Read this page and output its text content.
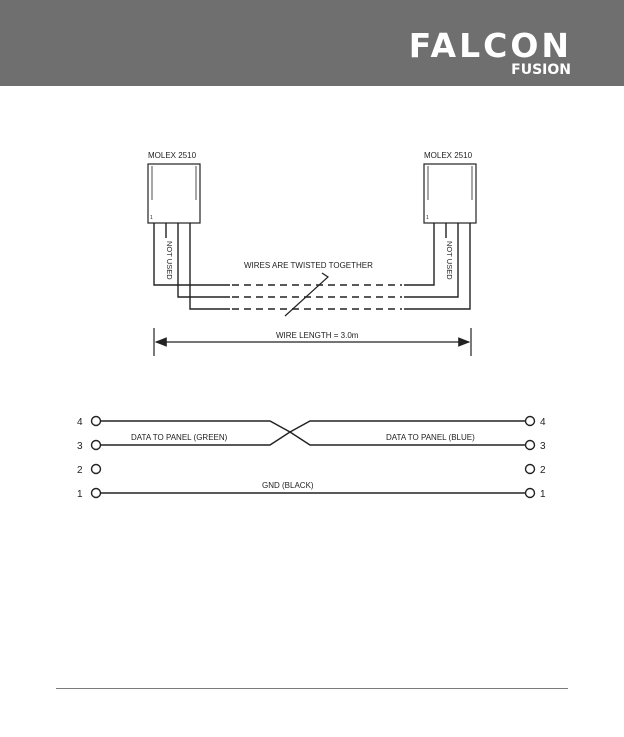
FALCON
FUSION
MOLEX 2510
1
MOLEX 2510
1
NOT USED	NOT USED
WIRES ARE TWISTED TOGETHER
WIRE LENGTH = 3.0m
4
3
2
1
4
3
2
1
DATA TO PANEL (GREEN)	DATA TO PANEL (BLUE)
GND (BLACK)
